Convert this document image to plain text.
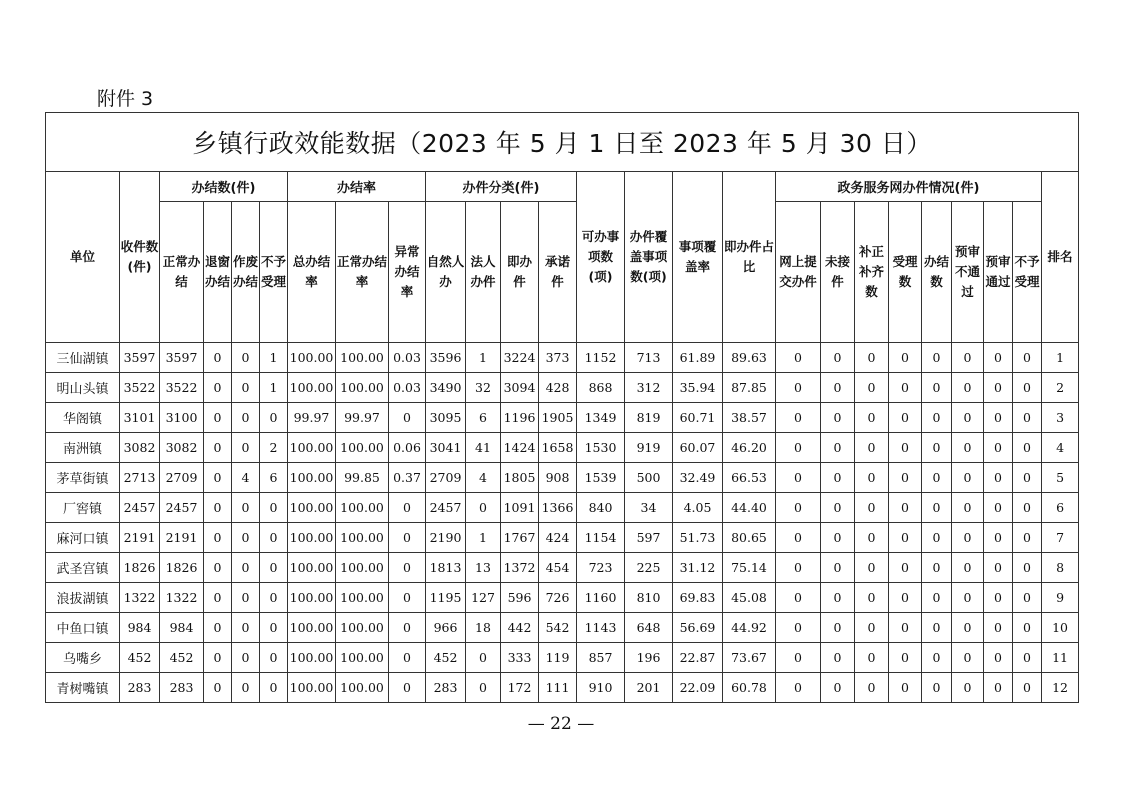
附件 3
乡镇行政效能数据（2023 年 5 月 1 日至 2023 年 5 月 30 日）																									
单位	收件数(件)	办结数(件)				办结率			办件分类(件)				可办事项数(项)	办件覆盖事项数(项)	事项覆盖率	即办件占比	政务服务网办件情况(件)								排名
		正常办结	退窗办结	作废办结	不予受理	总办结率	正常办结率	异常办结率	自然人办	法人办件	即办件	承诺件					网上提交办件	未接件	补正补齐数	受理数	办结数	预审不通过	预审通过	不予受理	
三仙湖镇	3597	3597	0	0	1	100.00	100.00	0.03	3596	1	3224	373	1152	713	61.89	89.63	0	0	0	0	0	0	0	0	1
明山头镇	3522	3522	0	0	1	100.00	100.00	0.03	3490	32	3094	428	868	312	35.94	87.85	0	0	0	0	0	0	0	0	2
华阁镇	3101	3100	0	0	0	99.97	99.97	0	3095	6	1196	1905	1349	819	60.71	38.57	0	0	0	0	0	0	0	0	3
南洲镇	3082	3082	0	0	2	100.00	100.00	0.06	3041	41	1424	1658	1530	919	60.07	46.20	0	0	0	0	0	0	0	0	4
茅草街镇	2713	2709	0	4	6	100.00	99.85	0.37	2709	4	1805	908	1539	500	32.49	66.53	0	0	0	0	0	0	0	0	5
厂窖镇	2457	2457	0	0	0	100.00	100.00	0	2457	0	1091	1366	840	34	4.05	44.40	0	0	0	0	0	0	0	0	6
麻河口镇	2191	2191	0	0	0	100.00	100.00	0	2190	1	1767	424	1154	597	51.73	80.65	0	0	0	0	0	0	0	0	7
武圣宫镇	1826	1826	0	0	0	100.00	100.00	0	1813	13	1372	454	723	225	31.12	75.14	0	0	0	0	0	0	0	0	8
浪拔湖镇	1322	1322	0	0	0	100.00	100.00	0	1195	127	596	726	1160	810	69.83	45.08	0	0	0	0	0	0	0	0	9
中鱼口镇	984	984	0	0	0	100.00	100.00	0	966	18	442	542	1143	648	56.69	44.92	0	0	0	0	0	0	0	0	10
乌嘴乡	452	452	0	0	0	100.00	100.00	0	452	0	333	119	857	196	22.87	73.67	0	0	0	0	0	0	0	0	11
青树嘴镇	283	283	0	0	0	100.00	100.00	0	283	0	172	111	910	201	22.09	60.78	0	0	0	0	0	0	0	0	12
— 22 —
